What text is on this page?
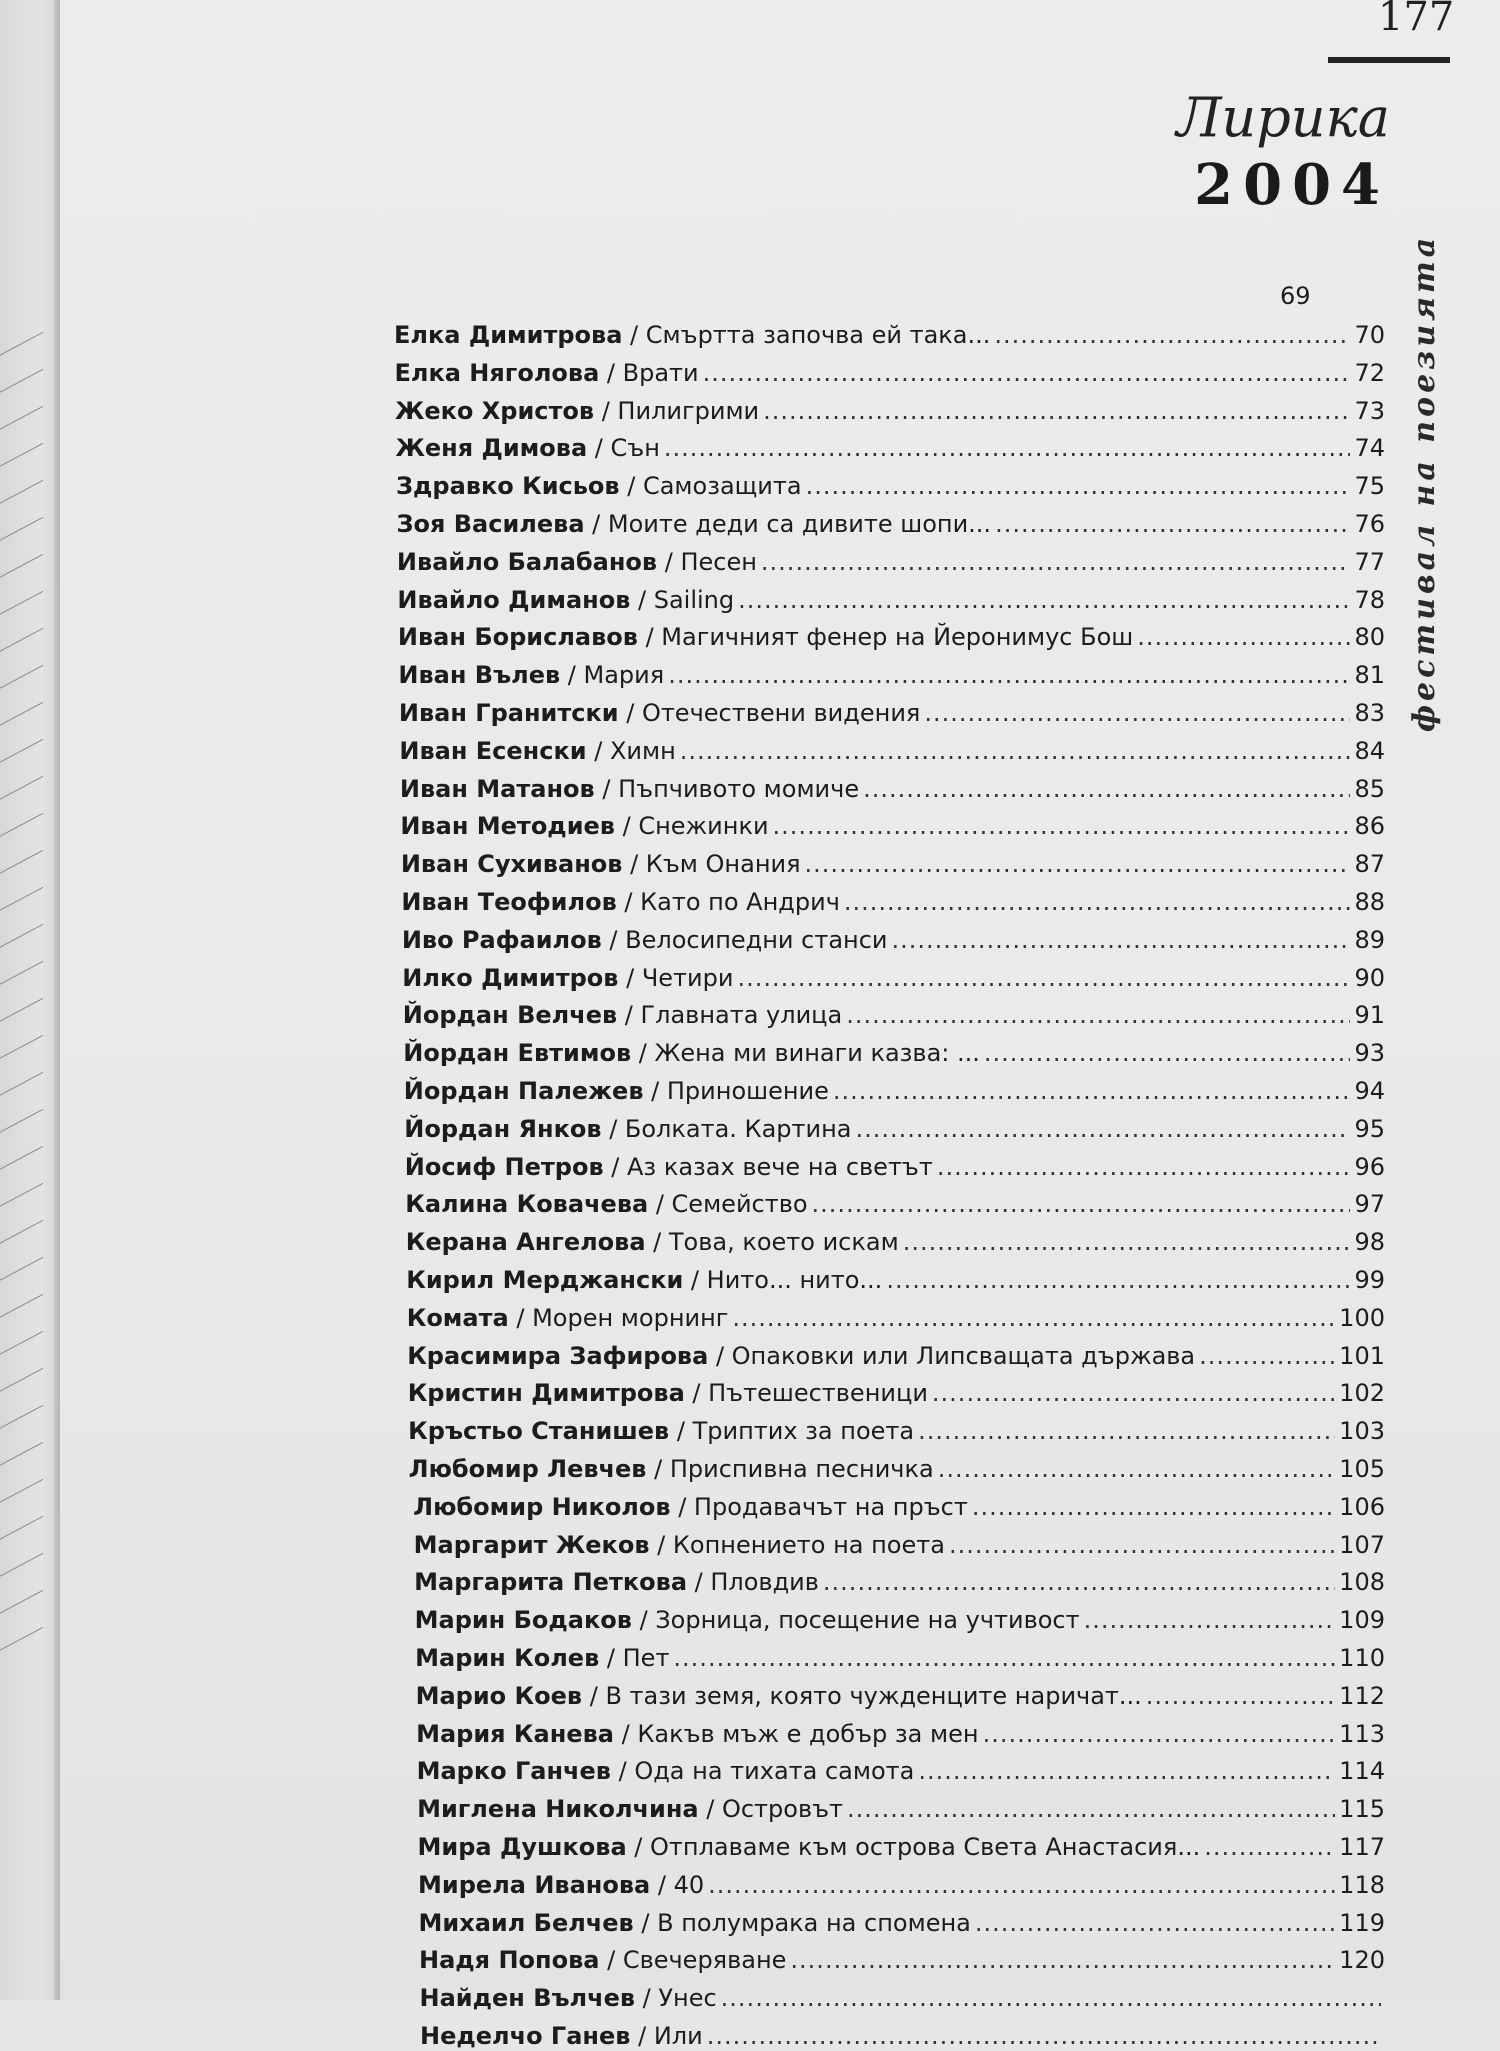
177
Лирика
2004
фестивал на поезията
69
Елка Димитрова / Смъртта започва ей така... .....	70
Елка Няголова / Врати .....	72
Жеко Христов / Пилигрими .....	73
Женя Димова / Сън .....	74
Здравко Кисьов / Самозащита .....	75
Зоя Василева / Моите деди са дивите шопи... .....	76
Ивайло Балабанов / Песен .....	77
Ивайло Диманов / Sailing .....	78
Иван Бориславов / Магичният фенер на Йеронимус Бош .....	80
Иван Вълев / Мария .....	81
Иван Гранитски / Отечествени видения .....	83
Иван Есенски / Химн .....	84
Иван Матанов / Пъпчивото момиче .....	85
Иван Методиев / Снежинки .....	86
Иван Сухиванов / Към Онания .....	87
Иван Теофилов / Като по Андрич .....	88
Иво Рафаилов / Велосипедни станси .....	89
Илко Димитров / Четири .....	90
Йордан Велчев / Главната улица .....	91
Йордан Евтимов / Жена ми винаги казва: ... .....	93
Йордан Палежев / Приношение .....	94
Йордан Янков / Болката. Картина .....	95
Йосиф Петров / Аз казах вече на светът .....	96
Калина Ковачева / Семейство .....	97
Керана Ангелова / Това, което искам .....	98
Кирил Мерджански / Нито... нито... .....	99
Комата / Морен морнинг .....	100
Красимира Зафирова / Опаковки или Липсващата държава .....	101
Кристин Димитрова / Пътешественици .....	102
Кръстьо Станишев / Триптих за поета .....	103
Любомир Левчев / Приспивна песничка .....	105
Любомир Николов / Продавачът на пръст .....	106
Маргарит Жеков / Копнението на поета .....	107
Маргарита Петкова / Пловдив .....	108
Марин Бодаков / Зорница, посещение на учтивост .....	109
Марин Колев / Пет .....	110
Марио Коев / В тази земя, която чужденците наричат... .....	112
Мария Канева / Какъв мъж е добър за мен .....	113
Марко Ганчев / Ода на тихата самота .....	114
Миглена Николчина / Островът .....	115
Мира Душкова / Отплаваме към острова Света Анастасия... .....	117
Мирела Иванова / 40 .....	118
Михаил Белчев / В полумрака на спомена .....	119
Надя Попова / Свечеряване .....	120
Найден Вълчев / Унес
.....
Неделчо Ганев / Или
.....
